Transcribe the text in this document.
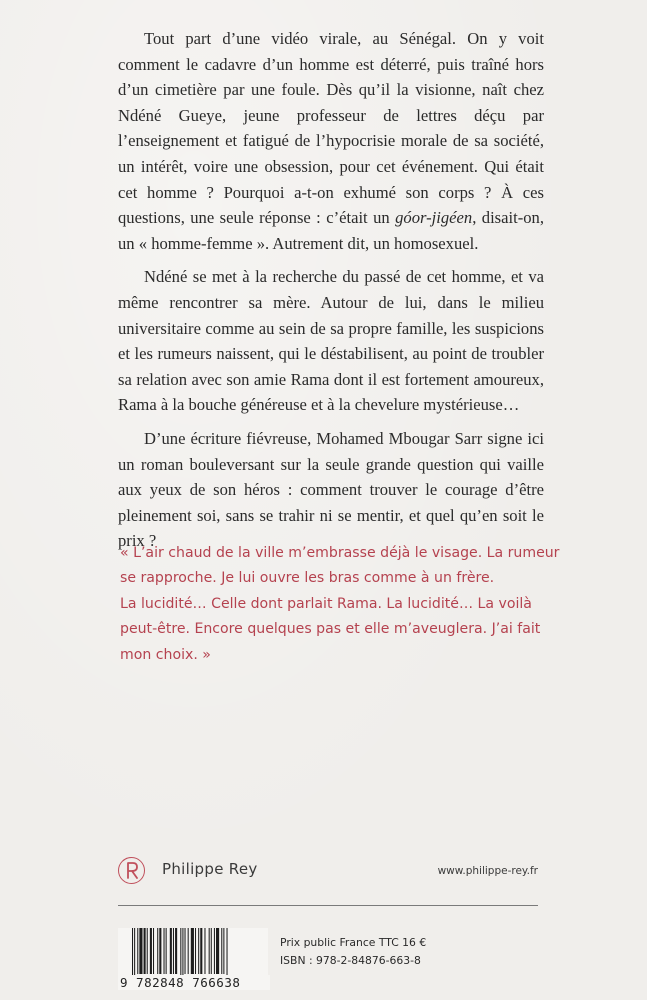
Tout part d’une vidéo virale, au Sénégal. On y voit comment le cadavre d’un homme est déterré, puis traîné hors d’un cimetière par une foule. Dès qu’il la visionne, naît chez Ndéné Gueye, jeune professeur de lettres déçu par l’enseignement et fatigué de l’hypocrisie morale de sa société, un intérêt, voire une obsession, pour cet événement. Qui était cet homme ? Pourquoi a-t-on exhumé son corps ? À ces questions, une seule réponse : c’était un góor-jigéen, disait-on, un « homme-femme ». Autrement dit, un homosexuel.

Ndéné se met à la recherche du passé de cet homme, et va même rencontrer sa mère. Autour de lui, dans le milieu universitaire comme au sein de sa propre famille, les suspicions et les rumeurs naissent, qui le déstabilisent, au point de troubler sa relation avec son amie Rama dont il est fortement amoureux, Rama à la bouche généreuse et à la chevelure mystérieuse…

D’une écriture fiévreuse, Mohamed Mbougar Sarr signe ici un roman bouleversant sur la seule grande question qui vaille aux yeux de son héros : comment trouver le courage d’être pleinement soi, sans se trahir ni se mentir, et quel qu’en soit le prix ?

« L’air chaud de la ville m’embrasse déjà le visage. La rumeur
se rapproche. Je lui ouvre les bras comme à un frère.
La lucidité… Celle dont parlait Rama. La lucidité… La voilà
peut-être. Encore quelques pas et elle m’aveuglera. J’ai fait
mon choix. »
Philippe Rey	www.philippe-rey.fr
9 782848 766638
Prix public France TTC 16 €
ISBN : 978-2-84876-663-8
